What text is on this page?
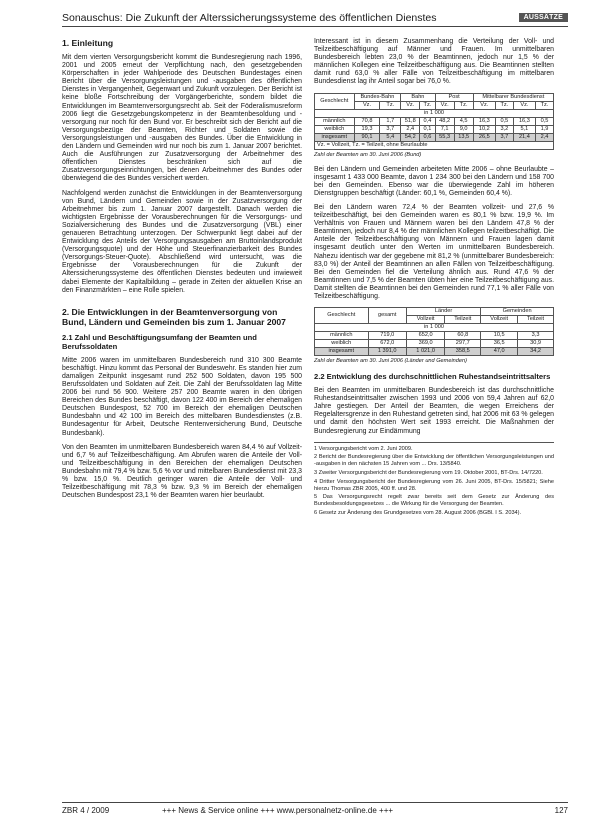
Sonauschus: Die Zukunft der Alterssicherungssysteme des öffentlichen Dienstes	AUSSÄTZE
1. Einleitung

Mit dem vierten Versorgungsbericht kommt die Bundesregierung nach 1996, 2001 und 2005 erneut der Verpflichtung nach, den gesetzgebenden Körperschaften in jeder Wahlperiode des Deutschen Bundestages einen Bericht über die Versorgungsleistungen und -ausgaben des öffentlichen Dienstes in Vergangenheit, Gegenwart und Zukunft vorzulegen. Der Bericht ist keine bloße Fortschreibung der Vorgängerberichte, sondern bildet die Entwicklungen im Beamtenversorgungsrecht ab. Seit der Föderalismusreform 2006 liegt die Gesetzgebungskompetenz in der Beamtenbesoldung und -versorgung nur noch für den Bund vor. Er beschreibt sich der Bericht auf die Versorgungsbezüge der Beamten, Richter und Soldaten sowie die Versorgungsleistungen und -ausgaben des Bundes. Über die Entwicklung in den Ländern und Gemeinden wird nur noch bis zum 1. Januar 2007 berichtet. Auch die Ausführungen zur Zusatzversorgung der Arbeitnehmer des öffentlichen Dienstes beschränken sich auf die Zusatzversorgungseinrichtungen, bei denen Arbeitnehmer des Bundes oder überwiegend die des Bundes versichert werden.

Nachfolgend werden zunächst die Entwicklungen in der Beamtenversorgung von Bund, Ländern und Gemeinden sowie in der Zusatzversorgung der Arbeitnehmer bis zum 1. Januar 2007 dargestellt. Danach werden die wichtigsten Ergebnisse der Vorausberechnungen für die Versorgungs- und Sozialversicherung des Bundes und die Zusatzversorgung (VBL) einer genaueren Betrachtung unterzogen. Der Schwerpunkt liegt dabei auf der Entwicklung des Anteils der Versorgungsausgaben am Bruttoinlandsprodukt (Versorgungsquote) und der Höhe und Steuerfinanzierbarkeit des Bundes (Versorgungs-Steuer-Quote). Abschließend wird untersucht, was die Ergebnisse der Vorausberechnungen für die Zukunft der Alterssicherungssysteme des öffentlichen Dienstes bedeuten und inwieweit dabei Elemente der Kapitalbildung – gerade in Zeiten der aktuellen Krise an den Finanzmärkten – eine Rolle spielen.

2. Die Entwicklungen in der Beamtenversorgung von Bund, Ländern und Gemeinden bis zum 1. Januar 2007
2.1 Zahl und Beschäftigungsumfang der Beamten und Berufssoldaten

Mitte 2006 waren im unmittelbaren Bundesbereich rund 310 300 Beamte beschäftigt. Hinzu kommt das Personal der Bundeswehr. Es standen hier zum damaligen Zeitpunkt insgesamt rund 252 500 Soldaten, davon 195 500 Berufssoldaten und Soldaten auf Zeit. Die Zahl der Berufssoldaten lag Mitte 2006 bei rund 56 900. Weitere 257 200 Beamte waren in den übrigen Bereichen des Bundes beschäftigt, davon 122 400 im Bereich der ehemaligen Deutschen Bundespost, 52 700 im Bereich der ehemaligen Deutschen Bundesbahn und 42 100 im Bereich des mittelbaren Bundesdienstes (z.B. Bundesagentur für Arbeit, Deutsche Rentenversicherung Bund, Deutsche Bundesbank).

Von den Beamten im unmittelbaren Bundesbereich waren 84,4 % auf Vollzeit- und 6,7 % auf Teilzeitbeschäftigung. Am Abrufen waren die Anteile der Voll- und Teilzeitbeschäftigung in den Bereichen der ehemaligen Deutschen Bundesbahn mit 79,4 % bzw. 5,6 % vor und mittelbaren Bundesdienst mit 23,3 % bzw. 15,0 %. Deutlich geringer waren die Anteile der Voll- und Teilzeitbeschäftigung mit 78,3 % bzw. 9,3 % im Bereich der ehemaligen Deutschen Bundespost 23,1 % der Beamten waren hier beurlaubt.

Interessant ist in diesem Zusammenhang die Verteilung der Voll- und Teilzeitbeschäftigung auf Männer und Frauen. Im unmittelbaren Bundesbereich lebten 23,0 % der Beamtinnen, jedoch nur 1,5 % der männlichen Kollegen eine Teilzeitbeschäftigung aus. Die Beamtinnen stellten damit rund 63,0 % aller Fälle von Teilzeitbeschäftigung im mittelbaren Bundesdienst lag ihr Anteil sogar bei 76,0 %.

Geschlecht	Bundes-Bahn		Bahn		Post		Mittelbarer Bundesdienst			
	Vz.	Tz.	Vz.	Tz.	Vz.	Tz.	Vz.	Tz.	Vz.	Tz.
in 1 000										
männlich	70,8	1,7	51,8	0,4	48,2	4,5	16,3	0,5	16,3	0,5
weiblich	19,3	3,7	2,4	0,1	7,1	9,0	10,2	3,2	5,1	1,9
insgesamt	90,1	5,4	54,2	0,6	55,3	13,5	26,5	3,7	21,4	2,4
Vz. = Vollzeit, Tz. = Teilzeit, ohne Beurlaubte										
Zahl der Beamten am 30. Juni 2006 (Bund)

Bei den Ländern und Gemeinden arbeiteten Mitte 2006 – ohne Beurlaubte – insgesamt 1 433 000 Beamte, davon 1 234 300 bei den Ländern und 158 700 bei den Gemeinden. Ebenso war die überwiegende Zahl im höheren Dienstgruppen beschäftigt (Länder: 60,1 %, Gemeinden 60,4 %).

Bei den Ländern waren 72,4 % der Beamten vollzeit- und 27,6 % teilzeitbeschäftigt, bei den Gemeinden waren es 80,1 % bzw. 19,9 %. Im Verhältnis von Frauen und Männern waren bei den Ländern 47,8 % der Beamtinnen, jedoch nur 8,4 % der männlichen Kollegen teilzeitbeschäftigt. Die Anteile der Teilzeitbeschäftigung von Männern und Frauen lagen damit insgesamt deutlich unter den Werten im unmittelbaren Bundesbereich. Nahezu identisch war der gegebene mit 81,2 % (unmittelbarer Bundesbereich: 83,0 %) der Anteil der Beamtinnen an allen Fällen von Teilzeitbeschäftigung. Bei den Gemeinden fiel die Verteilung ähnlich aus. Rund 47,6 % der Beamtinnen und 7,5 % der Beamten übten hier eine Teilzeitbeschäftigung aus. Damit stellten die Beamtinnen bei den Gemeinden rund 77,1 % aller Fälle von Teilzeitbeschäftigung.

Geschlecht	gesamt	Länder		Gemeinden	
		Vollzeit	Teilzeit	Vollzeit	Teilzeit
in 1 000					
männlich	719,0	652,0	60,8	10,5	3,3
weiblich	672,0	369,0	297,7	36,5	30,9
insgesamt	1 391,0	1 021,0	358,5	47,0	34,2
Zahl der Beamten am 30. Juni 2006 (Länder und Gemeinden)
2.2 Entwicklung des durchschnittlichen Ruhestandseintrittsalters

Bei den Beamten im unmittelbaren Bundesbereich ist das durchschnittliche Ruhestandseintrittsalter zwischen 1993 und 2006 von 59,4 Jahren auf 62,0 Jahre gestiegen. Der Anteil der Beamten, die wegen Erreichens der Regelaltersgrenze in den Ruhestand getreten sind, hat 2006 mit 63 % gelegen und damit den höchsten Wert seit 1993 erreicht. Die Maßnahmen der Bundesregierung zur Eindämmung

1 Versorgungsbericht vom 2. Juni 2009.
2 Bericht der Bundesregierung über die Entwicklung der öffentlichen Versorgungsleistungen und -ausgaben in den nächsten 15 Jahren vom ... Drs. 13/5840.
3 Zweiter Versorgungsbericht der Bundesregierung vom 19. Oktober 2001, BT-Drs. 14/7220.
4 Dritter Versorgungsbericht der Bundesregierung vom 26. Juni 2005, BT-Drs. 15/5821; Siehe hierzu Thomas ZBR 2005, 400 ff. und 28.
5 Das Versorgungsrecht regelt zwar bereits seit dem Gesetz zur Änderung des Bundesbesoldungsgesetzes ... die Wirkung für die Versorgung der Beamten.
6 Gesetz zur Änderung des Grundgesetzes vom 28. August 2006 (BGBl. I S. 2034).
ZBR 4 / 2009	+++ News & Service online +++ www.personalnetz-online.de +++	127
